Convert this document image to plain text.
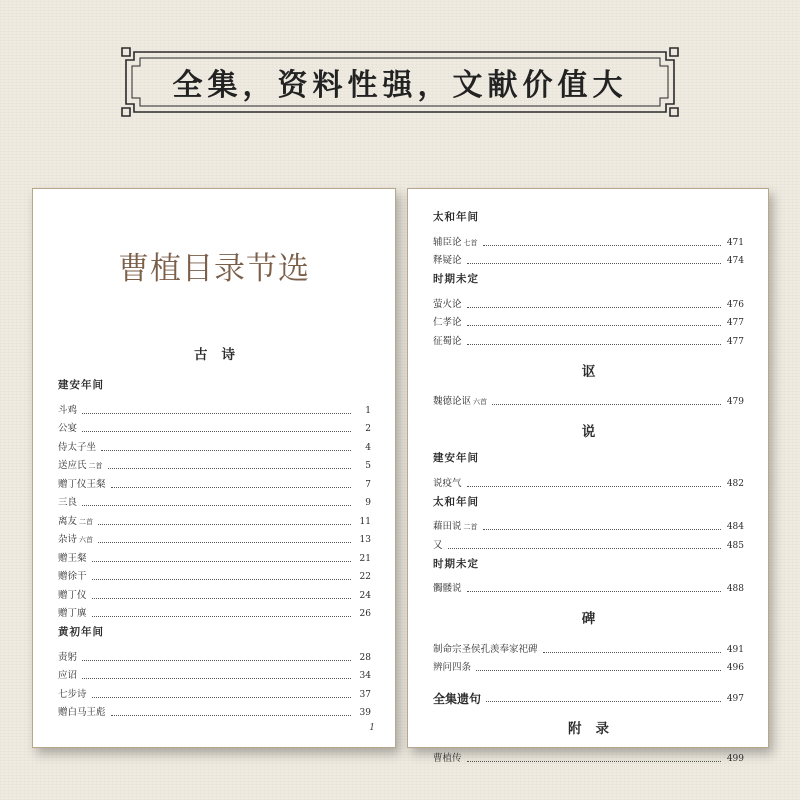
全集，资料性强，文献价值大
曹植目录节选
古诗
建安年间
斗鸡	1
公宴	2
侍太子坐	4
送应氏 二首	5
赠丁仪王粲	7
三良	9
离友 二首	11
杂诗 六首	13
赠王粲	21
赠徐干	22
赠丁仪	24
赠丁廙	26
黄初年间
责躬	28
应诏	34
七步诗	37
赠白马王彪	39
1
太和年间
辅臣论 七首	471
释疑论	474
时期未定
萤火论	476
仁孝论	477
征蜀论	477
讴
魏德论讴 六首	479
说
建安年间
说疫气	482
太和年间
藉田说 二首	484
又	485
时期未定
髑髅说	488
碑
制命宗圣侯孔羡奉家祀碑	491
辨问四条	496
全集遗句	497
附录
曹植传	499
